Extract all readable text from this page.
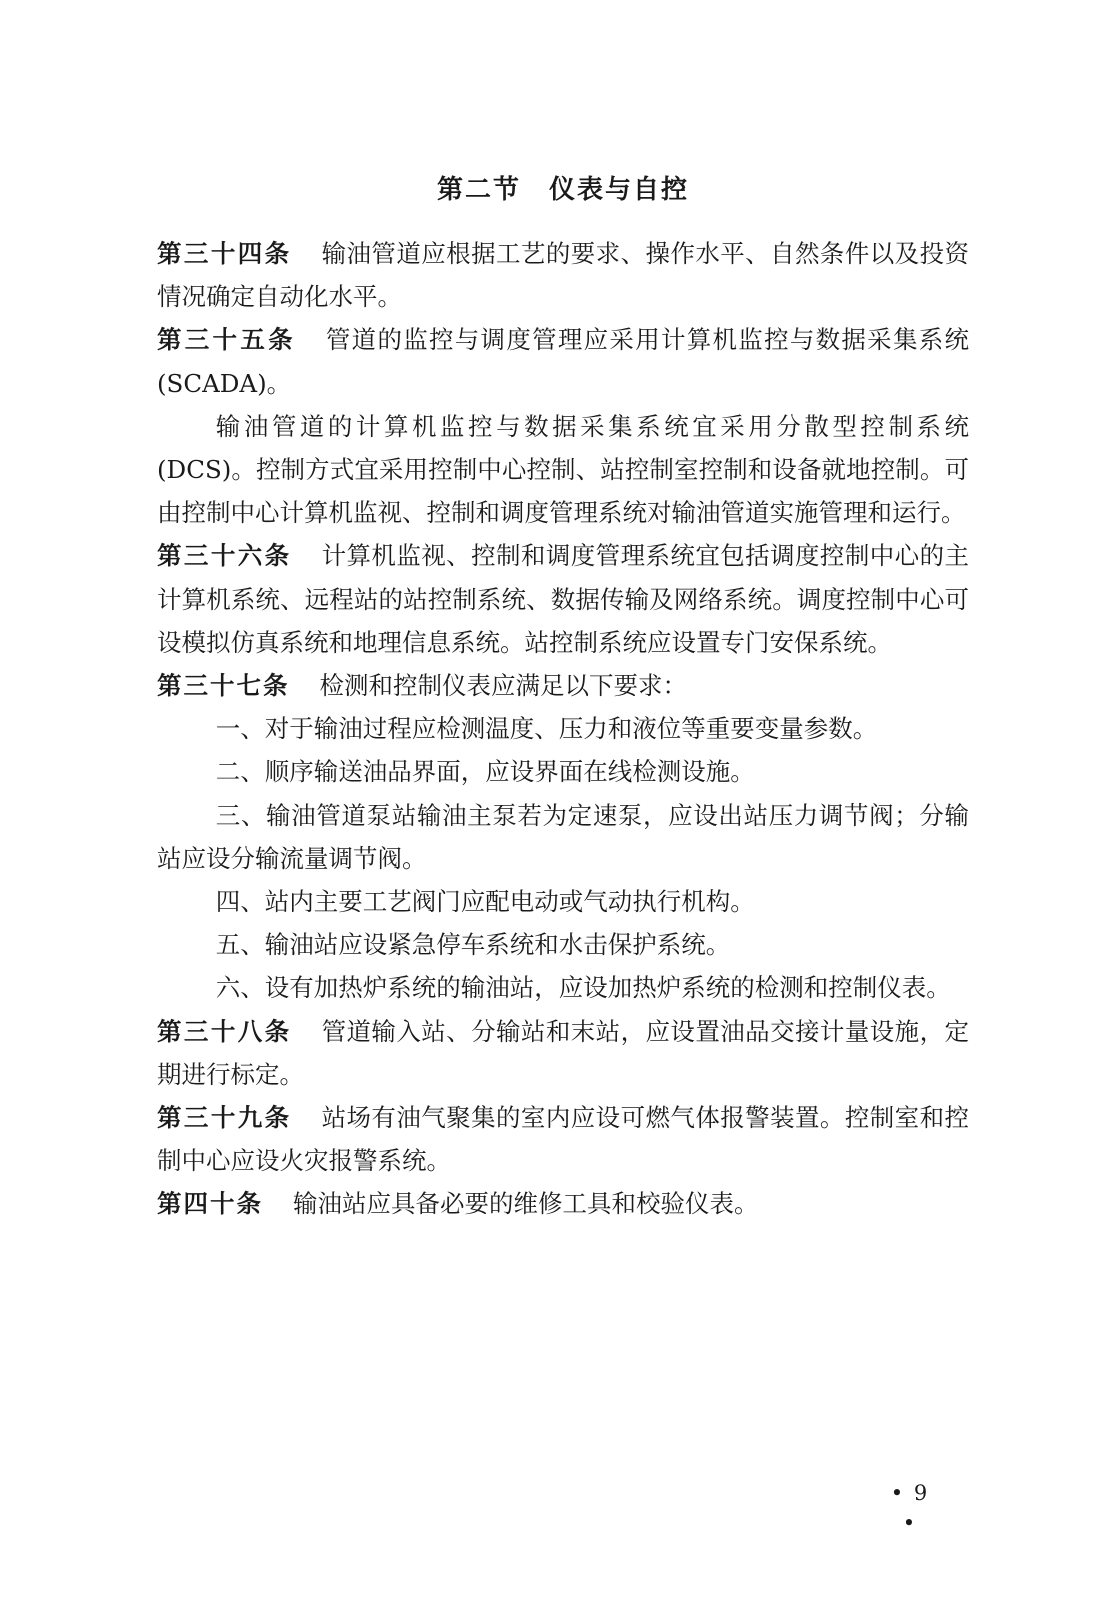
第二节　仪表与自控

第三十四条 输油管道应根据工艺的要求、操作水平、自然条件以及投资情况确定自动化水平。

第三十五条 管道的监控与调度管理应采用计算机监控与数据采集系统(SCADA)。

输油管道的计算机监控与数据采集系统宜采用分散型控制系统(DCS)。控制方式宜采用控制中心控制、站控制室控制和设备就地控制。可由控制中心计算机监视、控制和调度管理系统对输油管道实施管理和运行。

第三十六条 计算机监视、控制和调度管理系统宜包括调度控制中心的主计算机系统、远程站的站控制系统、数据传输及网络系统。调度控制中心可设模拟仿真系统和地理信息系统。站控制系统应设置专门安保系统。

第三十七条 检测和控制仪表应满足以下要求：

一、对于输油过程应检测温度、压力和液位等重要变量参数。

二、顺序输送油品界面，应设界面在线检测设施。

三、输油管道泵站输油主泵若为定速泵，应设出站压力调节阀；分输站应设分输流量调节阀。

四、站内主要工艺阀门应配电动或气动执行机构。

五、输油站应设紧急停车系统和水击保护系统。

六、设有加热炉系统的输油站，应设加热炉系统的检测和控制仪表。

第三十八条 管道输入站、分输站和末站，应设置油品交接计量设施，定期进行标定。

第三十九条 站场有油气聚集的室内应设可燃气体报警装置。控制室和控制中心应设火灾报警系统。

第四十条 输油站应具备必要的维修工具和校验仪表。

• 9 •
